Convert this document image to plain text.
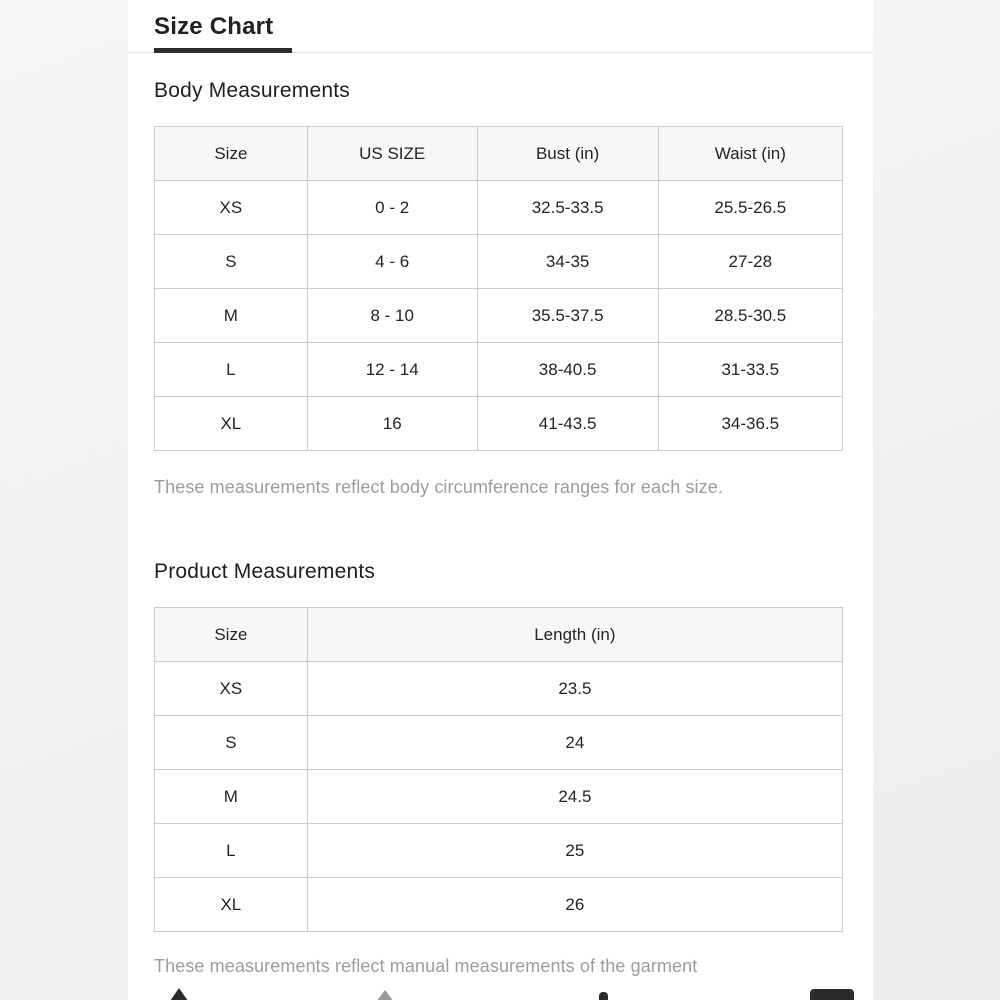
Size Chart
Body Measurements
Size	US SIZE	Bust (in)	Waist (in)
XS	0 - 2	32.5-33.5	25.5-26.5
S	4 - 6	34-35	27-28
M	8 - 10	35.5-37.5	28.5-30.5
L	12 - 14	38-40.5	31-33.5
XL	16	41-43.5	34-36.5

These measurements reflect body circumference ranges for each size.

Product Measurements
Size	Length (in)
XS	23.5
S	24
M	24.5
L	25
XL	26

These measurements reflect manual measurements of the garment
